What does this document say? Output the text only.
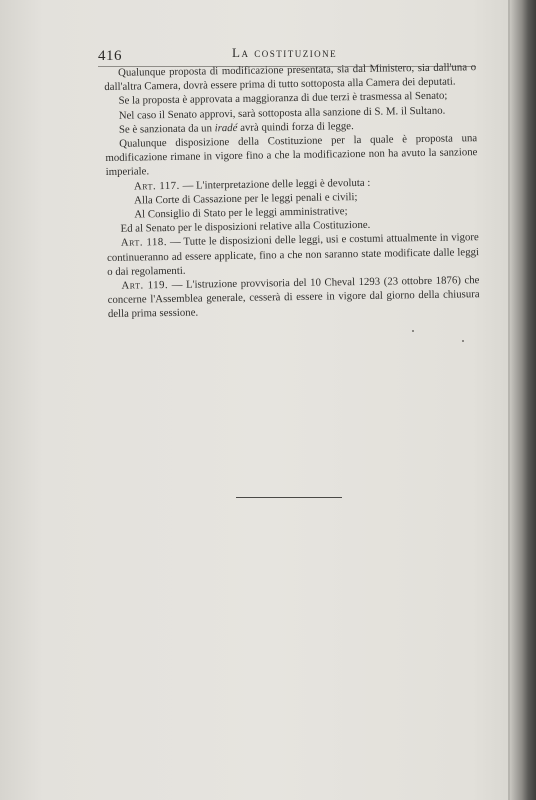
416	La costituzione

Qualunque proposta di modificazione presentata, sia dal Ministero, sia dall'una o dall'altra Camera, dovrà essere prima di tutto sottoposta alla Camera dei deputati.

Se la proposta è approvata a maggioranza di due terzi è trasmessa al Senato;

Nel caso il Senato approvi, sarà sottoposta alla sanzione di S. M. il Sultano.

Se è sanzionata da un iradé avrà quindi forza di legge.

Qualunque disposizione della Costituzione per la quale è proposta una modificazione rimane in vigore fino a che la modificazione non ha avuto la sanzione imperiale.

Art. 117. — L'interpretazione delle leggi è devoluta :

Alla Corte di Cassazione per le leggi penali e civili;

Al Consiglio di Stato per le leggi amministrative;

Ed al Senato per le disposizioni relative alla Costituzione.

Art. 118. — Tutte le disposizioni delle leggi, usi e costumi attualmente in vigore continueranno ad essere applicate, fino a che non saranno state modificate dalle leggi o dai regolamenti.

Art. 119. — L'istruzione provvisoria del 10 Cheval 1293 (23 ottobre 1876) che concerne l'Assemblea generale, cesserà di essere in vigore dal giorno della chiusura della prima sessione.
